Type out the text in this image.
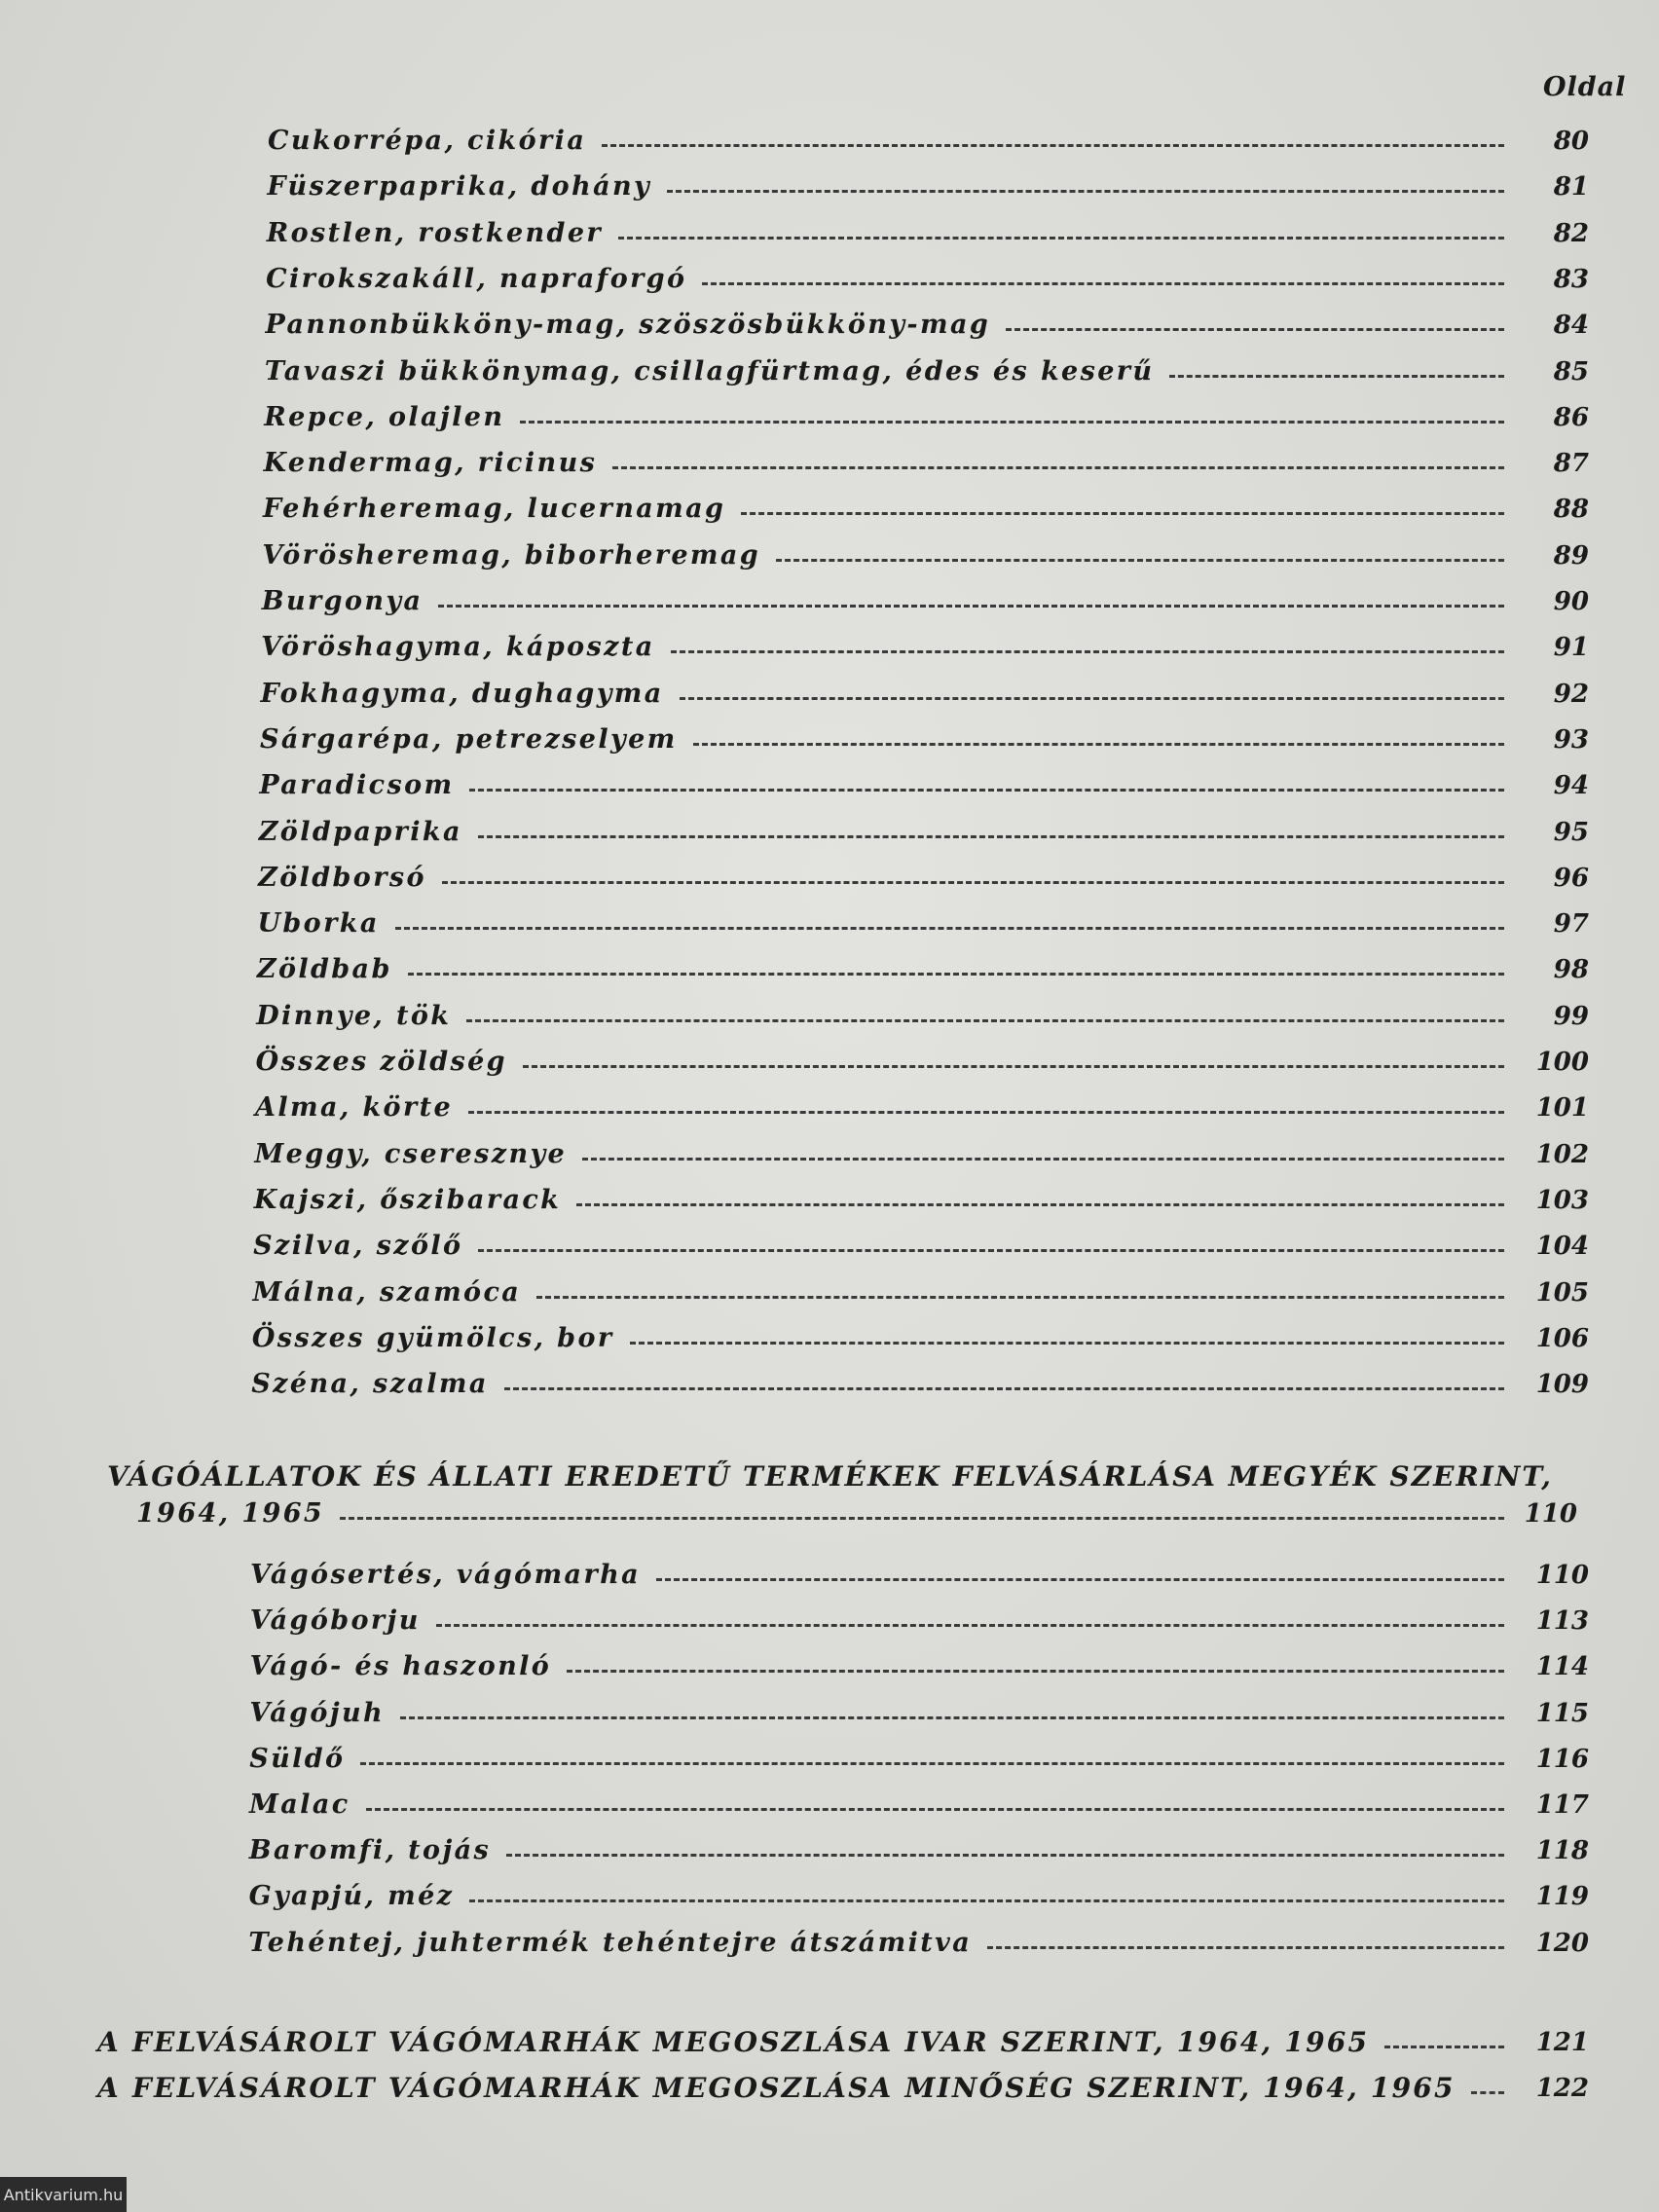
Oldal
Cukorrépa, cikória	80
Füszerpaprika, dohány	81
Rostlen, rostkender	82
Cirokszakáll, napraforgó	83
Pannonbükköny-mag, szöszösbükköny-mag	84
Tavaszi bükkönymag, csillagfürtmag, édes és keserű	85
Repce, olajlen	86
Kendermag, ricinus	87
Fehérheremag, lucernamag	88
Vörösheremag, biborheremag	89
Burgonya	90
Vöröshagyma, káposzta	91
Fokhagyma, dughagyma	92
Sárgarépa, petrezselyem	93
Paradicsom	94
Zöldpaprika	95
Zöldborsó	96
Uborka	97
Zöldbab	98
Dinnye, tök	99
Összes zöldség	100
Alma, körte	101
Meggy, cseresznye	102
Kajszi, őszibarack	103
Szilva, szőlő	104
Málna, szamóca	105
Összes gyümölcs, bor	106
Széna, szalma	109
VÁGÓÁLLATOK ÉS ÁLLATI EREDETŰ TERMÉKEK FELVÁSÁRLÁSA MEGYÉK SZERINT,
1964, 1965	110
Vágósertés, vágómarha	110
Vágóborju	113
Vágó- és haszonló	114
Vágójuh	115
Süldő	116
Malac	117
Baromfi, tojás	118
Gyapjú, méz	119
Tehéntej, juhtermék tehéntejre átszámitva	120
A FELVÁSÁROLT VÁGÓMARHÁK MEGOSZLÁSA IVAR SZERINT, 1964, 1965	121
A FELVÁSÁROLT VÁGÓMARHÁK MEGOSZLÁSA MINŐSÉG SZERINT, 1964, 1965	122
Antikvarium.hu
